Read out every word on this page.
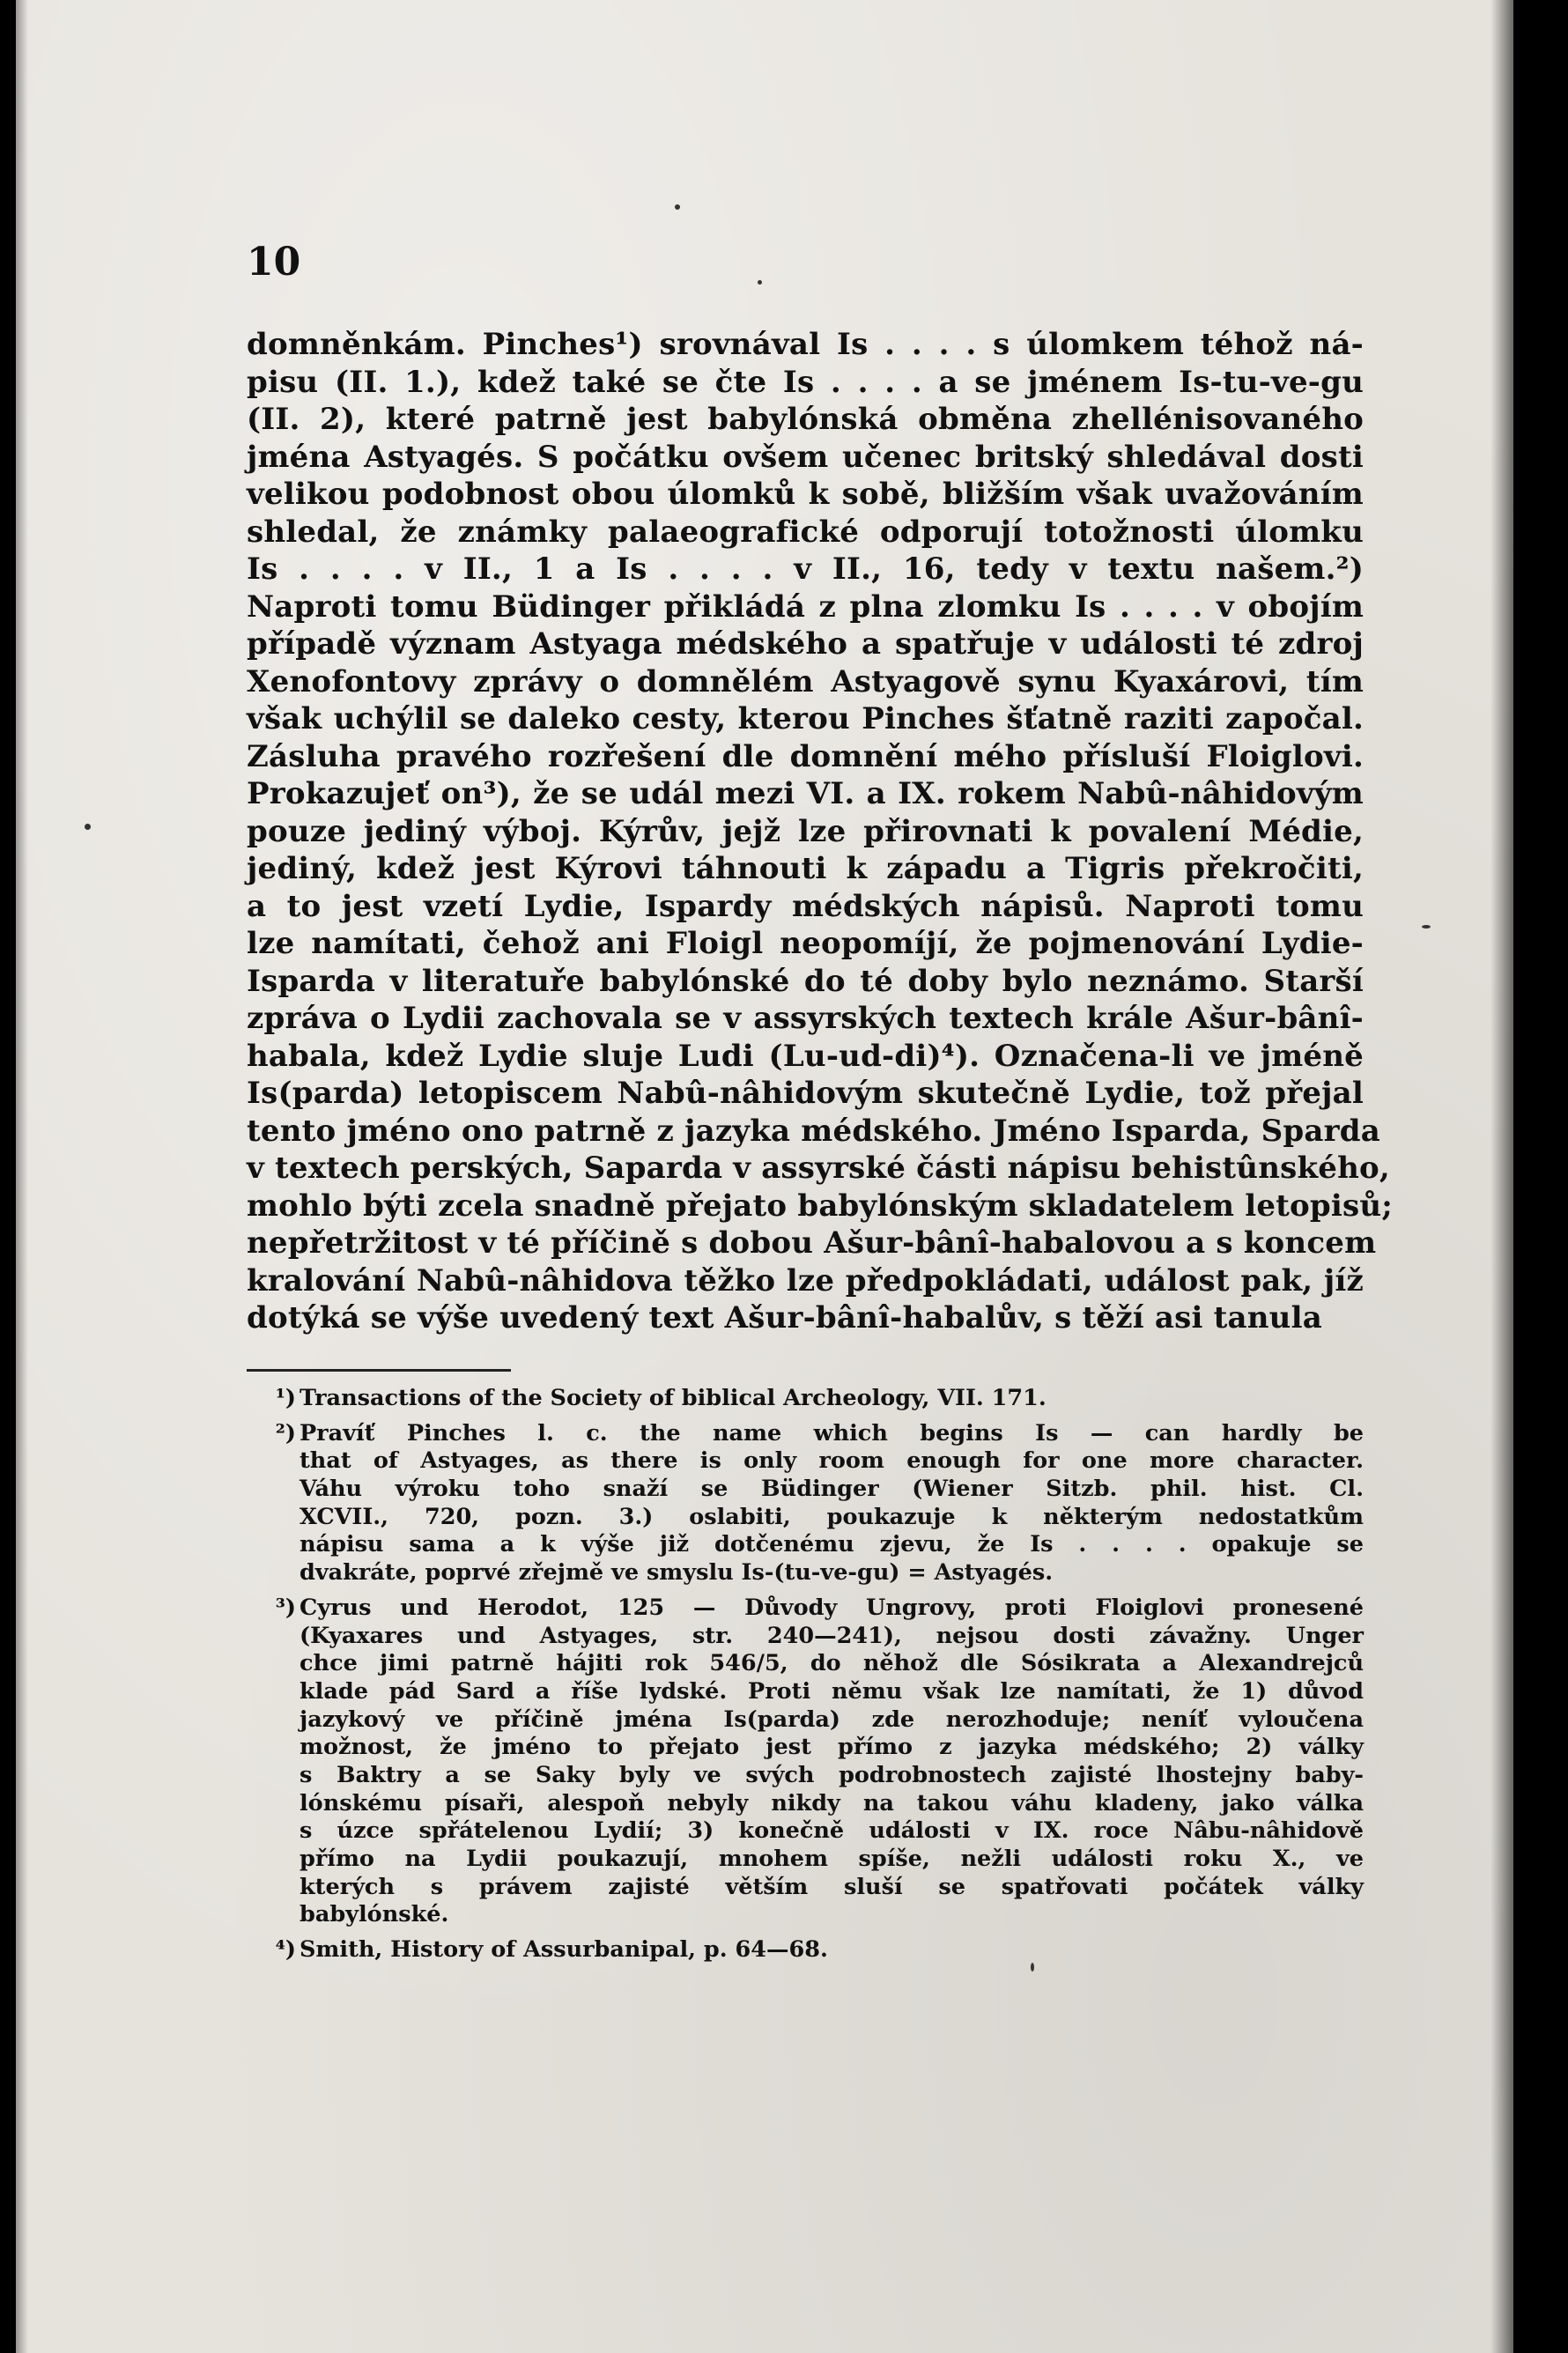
10
domněnkám. Pinches¹) srovnával Is . . . . s úlomkem téhož ná-
pisu (II. 1.), kdež také se čte Is . . . . a se jménem Is-tu-ve-gu
(II. 2), které patrně jest babylónská obměna zhellénisovaného
jména Astyagés. S počátku ovšem učenec britský shledával dosti
velikou podobnost obou úlomků k sobě, bližším však uvažováním
shledal, že známky palaeografické odporují totožnosti úlomku
Is . . . . v II., 1 a Is . . . . v II., 16, tedy v textu našem.²)
Naproti tomu Büdinger přikládá z plna zlomku Is . . . . v obojím
případě význam Astyaga médského a spatřuje v události té zdroj
Xenofontovy zprávy o domnělém Astyagově synu Kyaxárovi, tím
však uchýlil se daleko cesty, kterou Pinches šťatně raziti započal.
Zásluha pravého rozřešení dle domnění mého přísluší Floiglovi.
Prokazujeť on³), že se udál mezi VI. a IX. rokem Nabû-nâhidovým
pouze jediný výboj. Kýrův, jejž lze přirovnati k povalení Médie,
jediný, kdež jest Kýrovi táhnouti k západu a Tigris překročiti,
a to jest vzetí Lydie, Ispardy médských nápisů. Naproti tomu
lze namítati, čehož ani Floigl neopomíjí, že pojmenování Lydie-
Isparda v literatuře babylónské do té doby bylo neznámo. Starší
zpráva o Lydii zachovala se v assyrských textech krále Ašur-bânî-
habala, kdež Lydie sluje Ludi (Lu-ud-di)⁴). Označena-li ve jméně
Is(parda) letopiscem Nabû-nâhidovým skutečně Lydie, tož přejal
tento jméno ono patrně z jazyka médského. Jméno Isparda, Sparda
v textech perských, Saparda v assyrské části nápisu behistûnského,
mohlo býti zcela snadně přejato babylónským skladatelem letopisů;
nepřetržitost v té příčině s dobou Ašur-bânî-habalovou a s koncem
kralování Nabû-nâhidova těžko lze předpokládati, událost pak, jíž
dotýká se výše uvedený text Ašur-bânî-habalův, s těží asi tanula
¹) Transactions of the Society of biblical Archeology, VII. 171.
²) Pravíť Pinches l. c. the name which begins Is — can hardly be
that of Astyages, as there is only room enough for one more character.
Váhu výroku toho snaží se Büdinger (Wiener Sitzb. phil. hist. Cl.
XCVII., 720, pozn. 3.) oslabiti, poukazuje k některým nedostatkům
nápisu sama a k výše již dotčenému zjevu, že Is . . . . opakuje se
dvakráte, poprvé zřejmě ve smyslu Is-(tu-ve-gu) = Astyagés.
³) Cyrus und Herodot, 125 — Důvody Ungrovy, proti Floiglovi pronesené
(Kyaxares und Astyages, str. 240—241), nejsou dosti závažny. Unger
chce jimi patrně hájiti rok 546/5, do něhož dle Sósikrata a Alexandrejců
klade pád Sard a říše lydské. Proti němu však lze namítati, že 1) důvod
jazykový ve příčině jména Is(parda) zde nerozhoduje; neníť vyloučena
možnost, že jméno to přejato jest přímo z jazyka médského; 2) války
s Baktry a se Saky byly ve svých podrobnostech zajisté lhostejny baby-
lónskému písaři, alespoň nebyly nikdy na takou váhu kladeny, jako válka
s úzce spřátelenou Lydií; 3) konečně události v IX. roce Nâbu-nâhidově
přímo na Lydii poukazují, mnohem spíše, nežli události roku X., ve
kterých s právem zajisté větším sluší se spatřovati počátek války
babylónské.
⁴) Smith, History of Assurbanipal, p. 64—68.
